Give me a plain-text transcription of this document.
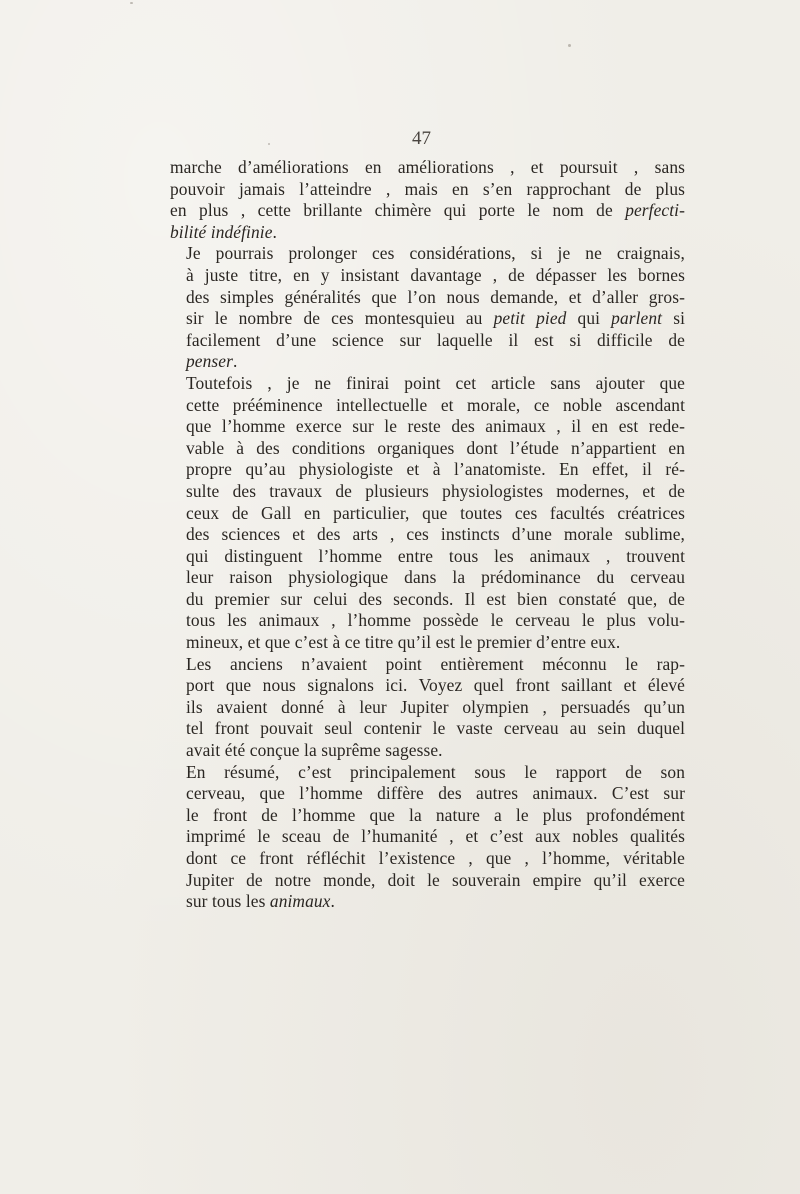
47
marche d’améliorations en améliorations , et poursuit , sans
pouvoir jamais l’atteindre , mais en s’en rapprochant de plus
en plus , cette brillante chimère qui porte le nom de perfecti-
bilité indéfinie.
Je pourrais prolonger ces considérations, si je ne craignais,
à juste titre, en y insistant davantage , de dépasser les bornes
des simples généralités que l’on nous demande, et d’aller gros-
sir le nombre de ces montesquieu au petit pied qui parlent si
facilement d’une science sur laquelle il est si difficile de
penser.
Toutefois , je ne finirai point cet article sans ajouter que
cette prééminence intellectuelle et morale, ce noble ascendant
que l’homme exerce sur le reste des animaux , il en est rede-
vable à des conditions organiques dont l’étude n’appartient en
propre qu’au physiologiste et à l’anatomiste. En effet, il ré-
sulte des travaux de plusieurs physiologistes modernes, et de
ceux de Gall en particulier, que toutes ces facultés créatrices
des sciences et des arts , ces instincts d’une morale sublime,
qui distinguent l’homme entre tous les animaux , trouvent
leur raison physiologique dans la prédominance du cerveau
du premier sur celui des seconds. Il est bien constaté que, de
tous les animaux , l’homme possède le cerveau le plus volu-
mineux, et que c’est à ce titre qu’il est le premier d’entre eux.
Les anciens n’avaient point entièrement méconnu le rap-
port que nous signalons ici. Voyez quel front saillant et élevé
ils avaient donné à leur Jupiter olympien , persuadés qu’un
tel front pouvait seul contenir le vaste cerveau au sein duquel
avait été conçue la suprême sagesse.
En résumé, c’est principalement sous le rapport de son
cerveau, que l’homme diffère des autres animaux. C’est sur
le front de l’homme que la nature a le plus profondément
imprimé le sceau de l’humanité , et c’est aux nobles qualités
dont ce front réfléchit l’existence , que , l’homme, véritable
Jupiter de notre monde, doit le souverain empire qu’il exerce
sur tous les animaux.
